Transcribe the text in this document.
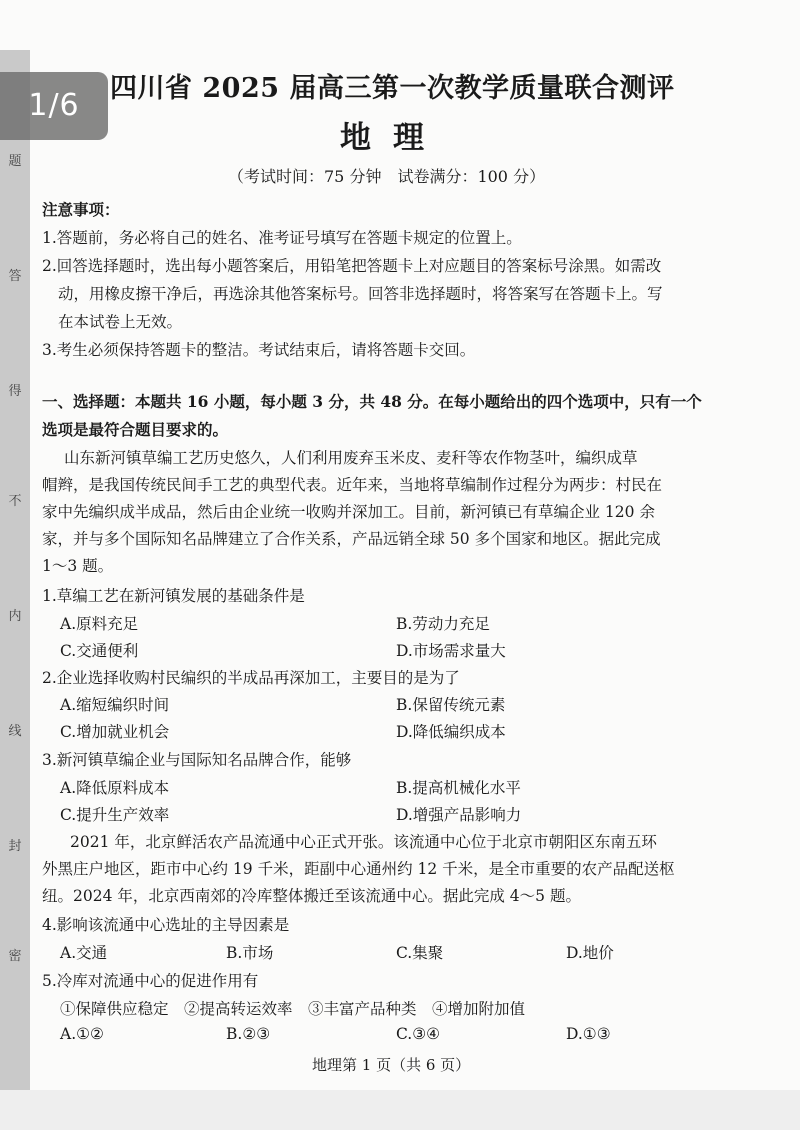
题
答
得
不
内
线
封
密
1/6	四川省 2025 届高三第一次教学质量联合测评
地理
（考试时间：75 分钟　试卷满分：100 分）
注意事项：
1.答题前，务必将自己的姓名、准考证号填写在答题卡规定的位置上。
2.回答选择题时，选出每小题答案后，用铅笔把答题卡上对应题目的答案标号涂黑。如需改
动，用橡皮擦干净后，再选涂其他答案标号。回答非选择题时，将答案写在答题卡上。写
在本试卷上无效。
3.考生必须保持答题卡的整洁。考试结束后，请将答题卡交回。
一、选择题：本题共 16 小题，每小题 3 分，共 48 分。在每小题给出的四个选项中，只有一个
选项是最符合题目要求的。
山东新河镇草编工艺历史悠久，人们利用废弃玉米皮、麦秆等农作物茎叶，编织成草
帽辫，是我国传统民间手工艺的典型代表。近年来，当地将草编制作过程分为两步：村民在
家中先编织成半成品，然后由企业统一收购并深加工。目前，新河镇已有草编企业 120 余
家，并与多个国际知名品牌建立了合作关系，产品远销全球 50 多个国家和地区。据此完成
1～3 题。
1.草编工艺在新河镇发展的基础条件是
A.原料充足	B.劳动力充足
C.交通便利	D.市场需求量大
2.企业选择收购村民编织的半成品再深加工，主要目的是为了
A.缩短编织时间	B.保留传统元素
C.增加就业机会	D.降低编织成本
3.新河镇草编企业与国际知名品牌合作，能够
A.降低原料成本	B.提高机械化水平
C.提升生产效率	D.增强产品影响力
2021 年，北京鲜活农产品流通中心正式开张。该流通中心位于北京市朝阳区东南五环
外黑庄户地区，距市中心约 19 千米，距副中心通州约 12 千米，是全市重要的农产品配送枢
纽。2024 年，北京西南郊的冷库整体搬迁至该流通中心。据此完成 4～5 题。
4.影响该流通中心选址的主导因素是
A.交通	B.市场	C.集聚	D.地价
5.冷库对流通中心的促进作用有
①保障供应稳定　②提高转运效率　③丰富产品种类　④增加附加值
A.①②	B.②③	C.③④	D.①③
地理第 1 页（共 6 页）
